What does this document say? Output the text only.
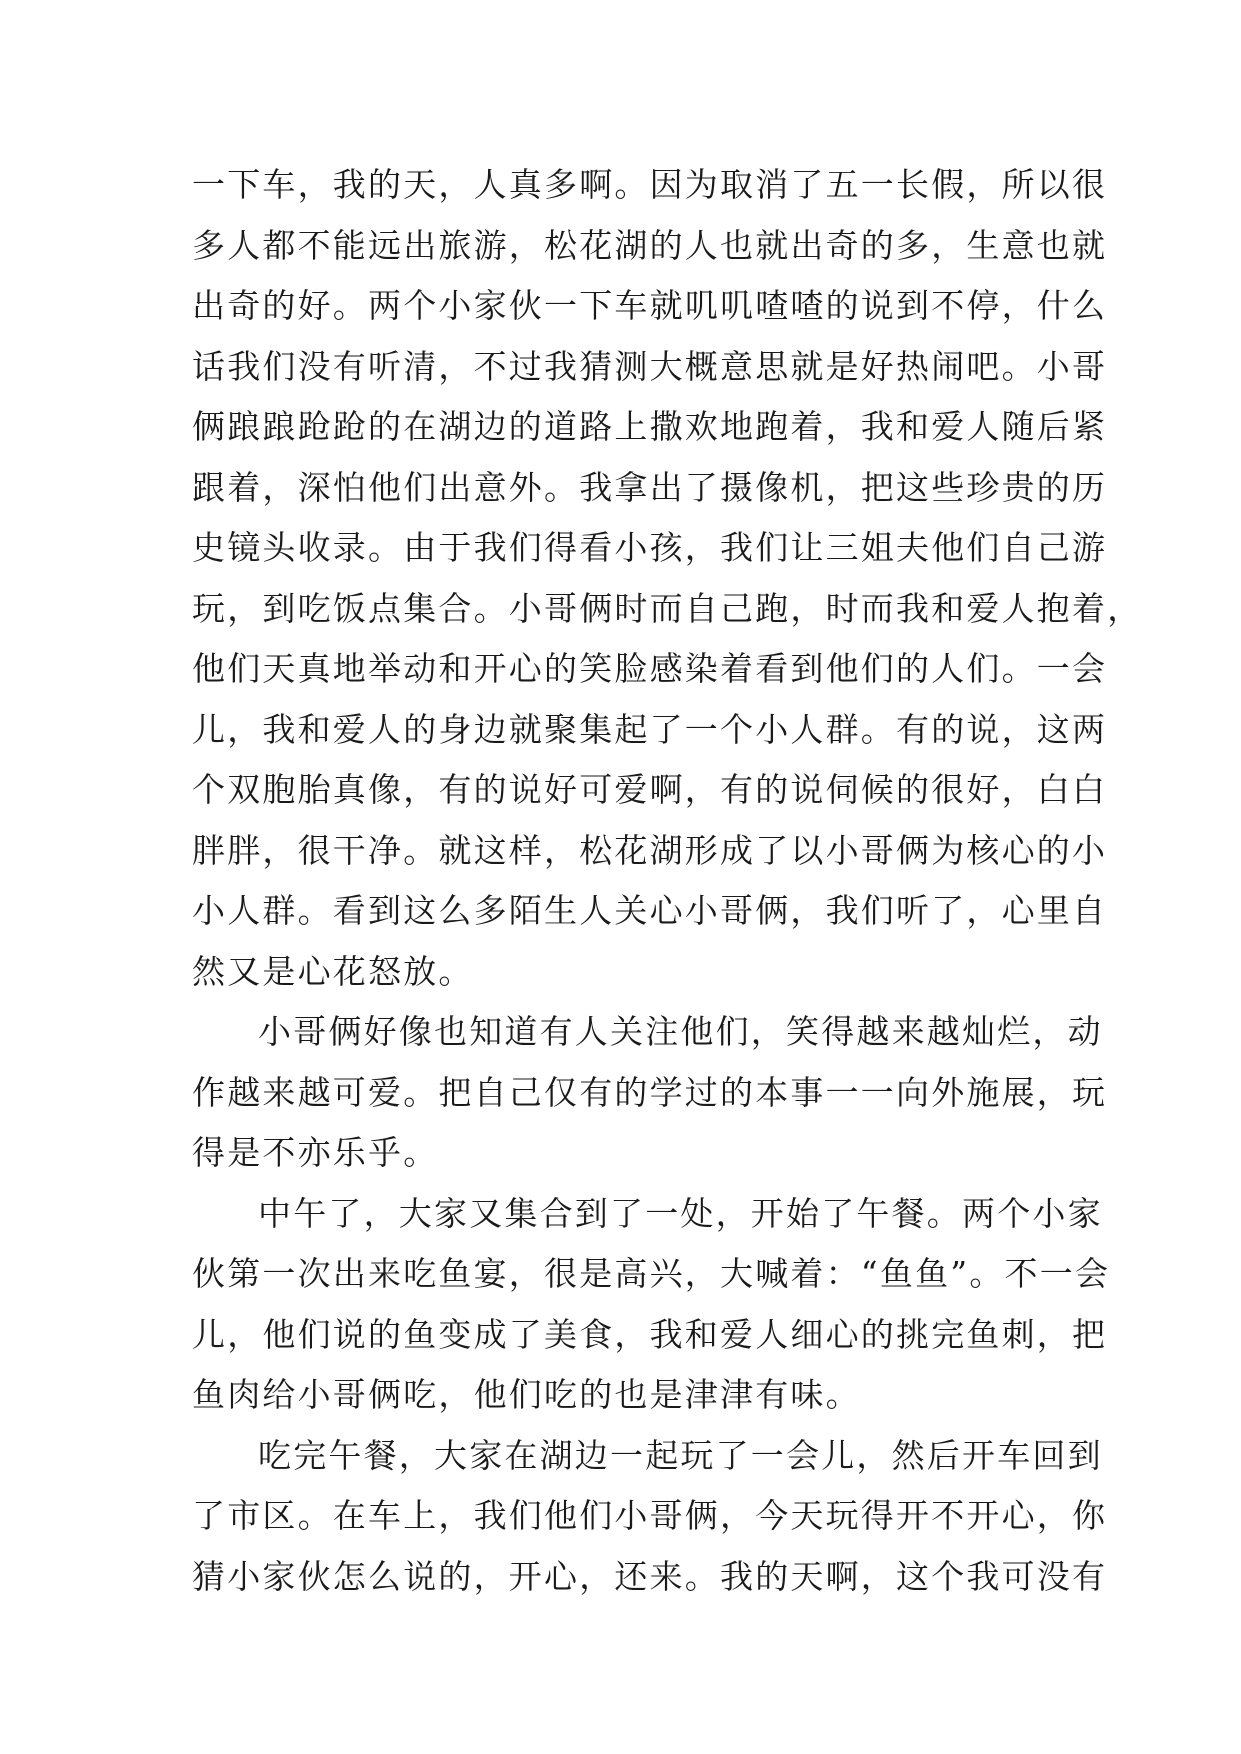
一下车，我的天，人真多啊。因为取消了五一长假，所以很
多人都不能远出旅游，松花湖的人也就出奇的多，生意也就
出奇的好。两个小家伙一下车就叽叽喳喳的说到不停，什么
话我们没有听清，不过我猜测大概意思就是好热闹吧。小哥
俩踉踉跄跄的在湖边的道路上撒欢地跑着，我和爱人随后紧
跟着，深怕他们出意外。我拿出了摄像机，把这些珍贵的历
史镜头收录。由于我们得看小孩，我们让三姐夫他们自己游
玩，到吃饭点集合。小哥俩时而自己跑，时而我和爱人抱着，
他们天真地举动和开心的笑脸感染着看到他们的人们。一会
儿，我和爱人的身边就聚集起了一个小人群。有的说，这两
个双胞胎真像，有的说好可爱啊，有的说伺候的很好，白白
胖胖，很干净。就这样，松花湖形成了以小哥俩为核心的小
小人群。看到这么多陌生人关心小哥俩，我们听了，心里自
然又是心花怒放。
小哥俩好像也知道有人关注他们，笑得越来越灿烂，动
作越来越可爱。把自己仅有的学过的本事一一向外施展，玩
得是不亦乐乎。
中午了，大家又集合到了一处，开始了午餐。两个小家
伙第一次出来吃鱼宴，很是高兴，大喊着：“鱼鱼”。不一会
儿，他们说的鱼变成了美食，我和爱人细心的挑完鱼刺，把
鱼肉给小哥俩吃，他们吃的也是津津有味。
吃完午餐，大家在湖边一起玩了一会儿，然后开车回到
了市区。在车上，我们他们小哥俩，今天玩得开不开心，你
猜小家伙怎么说的，开心，还来。我的天啊，这个我可没有
